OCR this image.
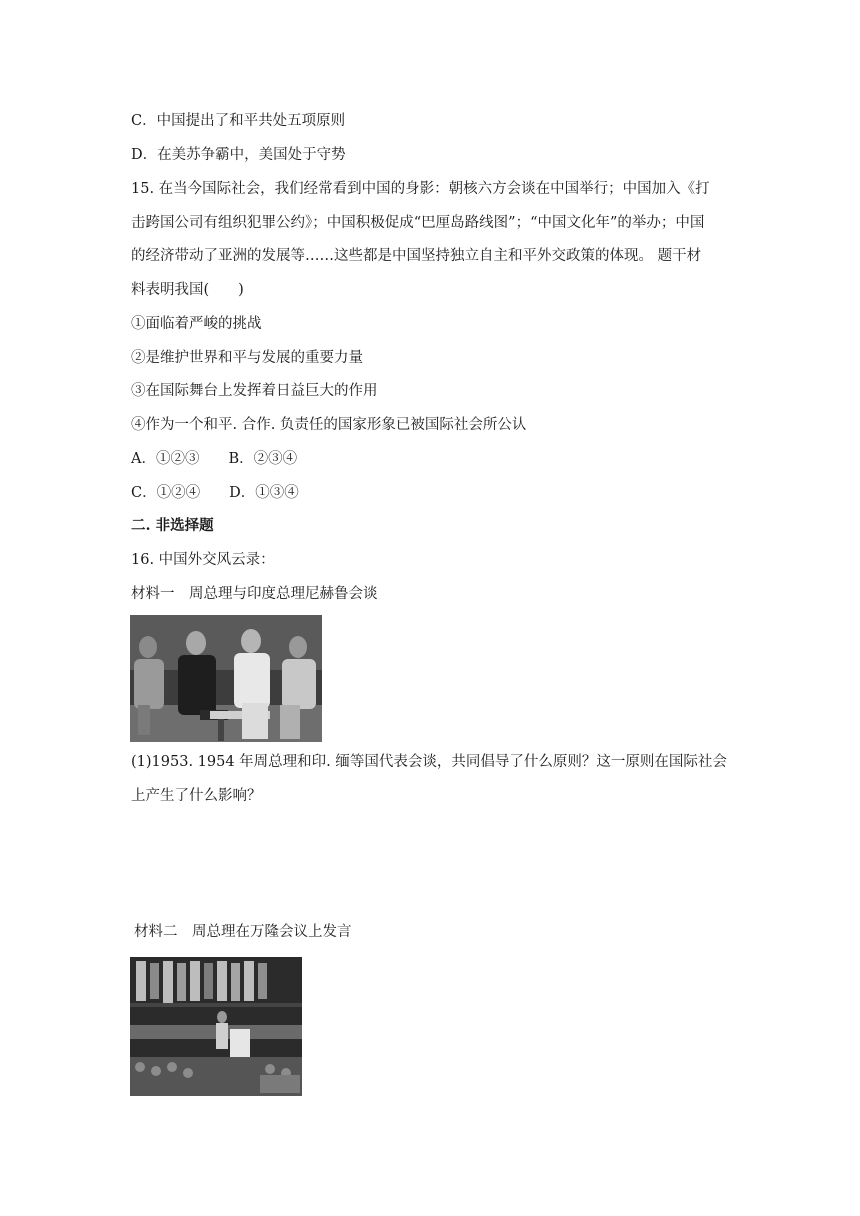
C．中国提出了和平共处五项原则
D．在美苏争霸中，美国处于守势
15. 在当今国际社会，我们经常看到中国的身影：朝核六方会谈在中国举行；中国加入《打
击跨国公司有组织犯罪公约》；中国积极促成“巴厘岛路线图”；“中国文化年”的举办；中国
的经济带动了亚洲的发展等……这些都是中国坚持独立自主和平外交政策的体现。 题干材
料表明我国(　　)
①面临着严峻的挑战
②是维护世界和平与发展的重要力量
③在国际舞台上发挥着日益巨大的作用
④作为一个和平. 合作. 负责任的国家形象已被国际社会所公认
A．①②③　　B．②③④
C．①②④　　D．①③④
二. 非选择题
16. 中国外交风云录：
材料一　周总理与印度总理尼赫鲁会谈
(1)1953. 1954 年周总理和印. 缅等国代表会谈，共同倡导了什么原则？这一原则在国际社会
上产生了什么影响？
材料二　周总理在万隆会议上发言
